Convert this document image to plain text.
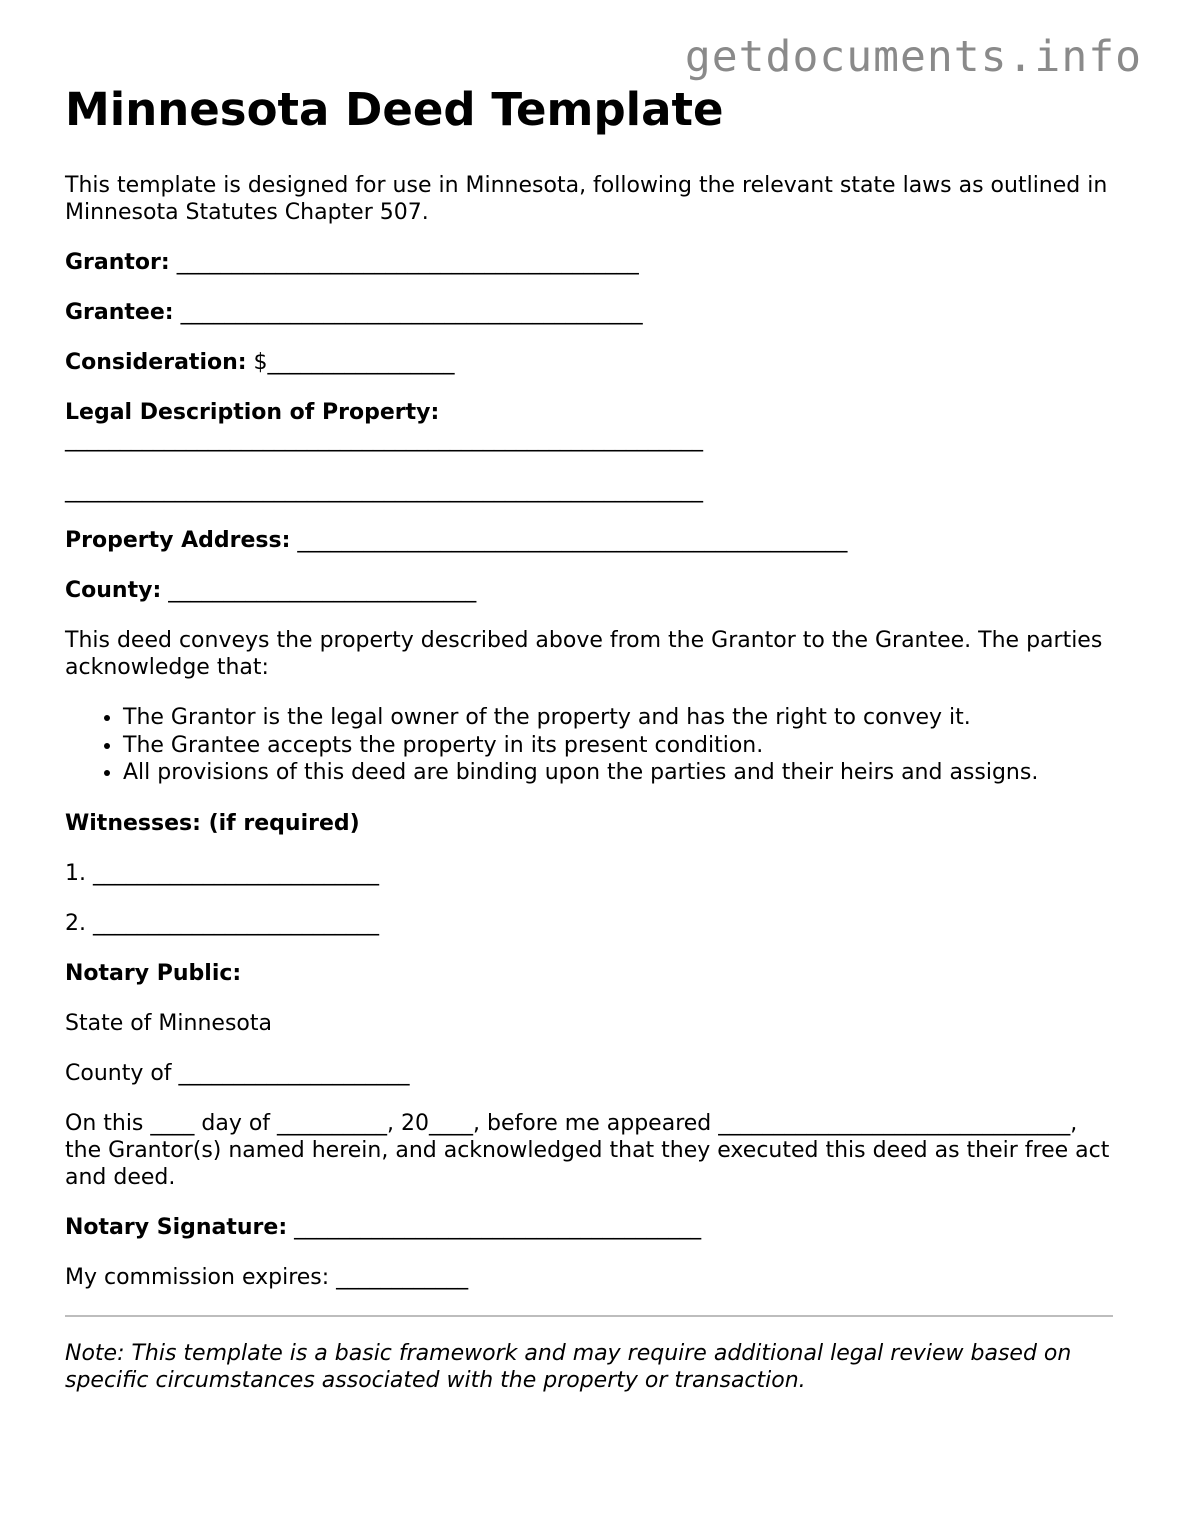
getdocuments.info
Minnesota Deed Template

This template is designed for use in Minnesota, following the relevant state laws as outlined in Minnesota Statutes Chapter 507.

Grantor: __________________________________________

Grantee: __________________________________________

Consideration: $_________________

Legal Description of Property:

__________________________________________________________

__________________________________________________________

Property Address: __________________________________________________

County: ____________________________

This deed conveys the property described above from the Grantor to the Grantee. The parties acknowledge that:

• The Grantor is the legal owner of the property and has the right to convey it.
• The Grantee accepts the property in its present condition.
• All provisions of this deed are binding upon the parties and their heirs and assigns.

Witnesses: (if required)

1. __________________________

2. __________________________

Notary Public:

State of Minnesota

County of _____________________

On this ____ day of __________, 20____, before me appeared ________________________________, the Grantor(s) named herein, and acknowledged that they executed this deed as their free act and deed.

Notary Signature: _____________________________________

My commission expires: ____________

Note: This template is a basic framework and may require additional legal review based on specific circumstances associated with the property or transaction.
